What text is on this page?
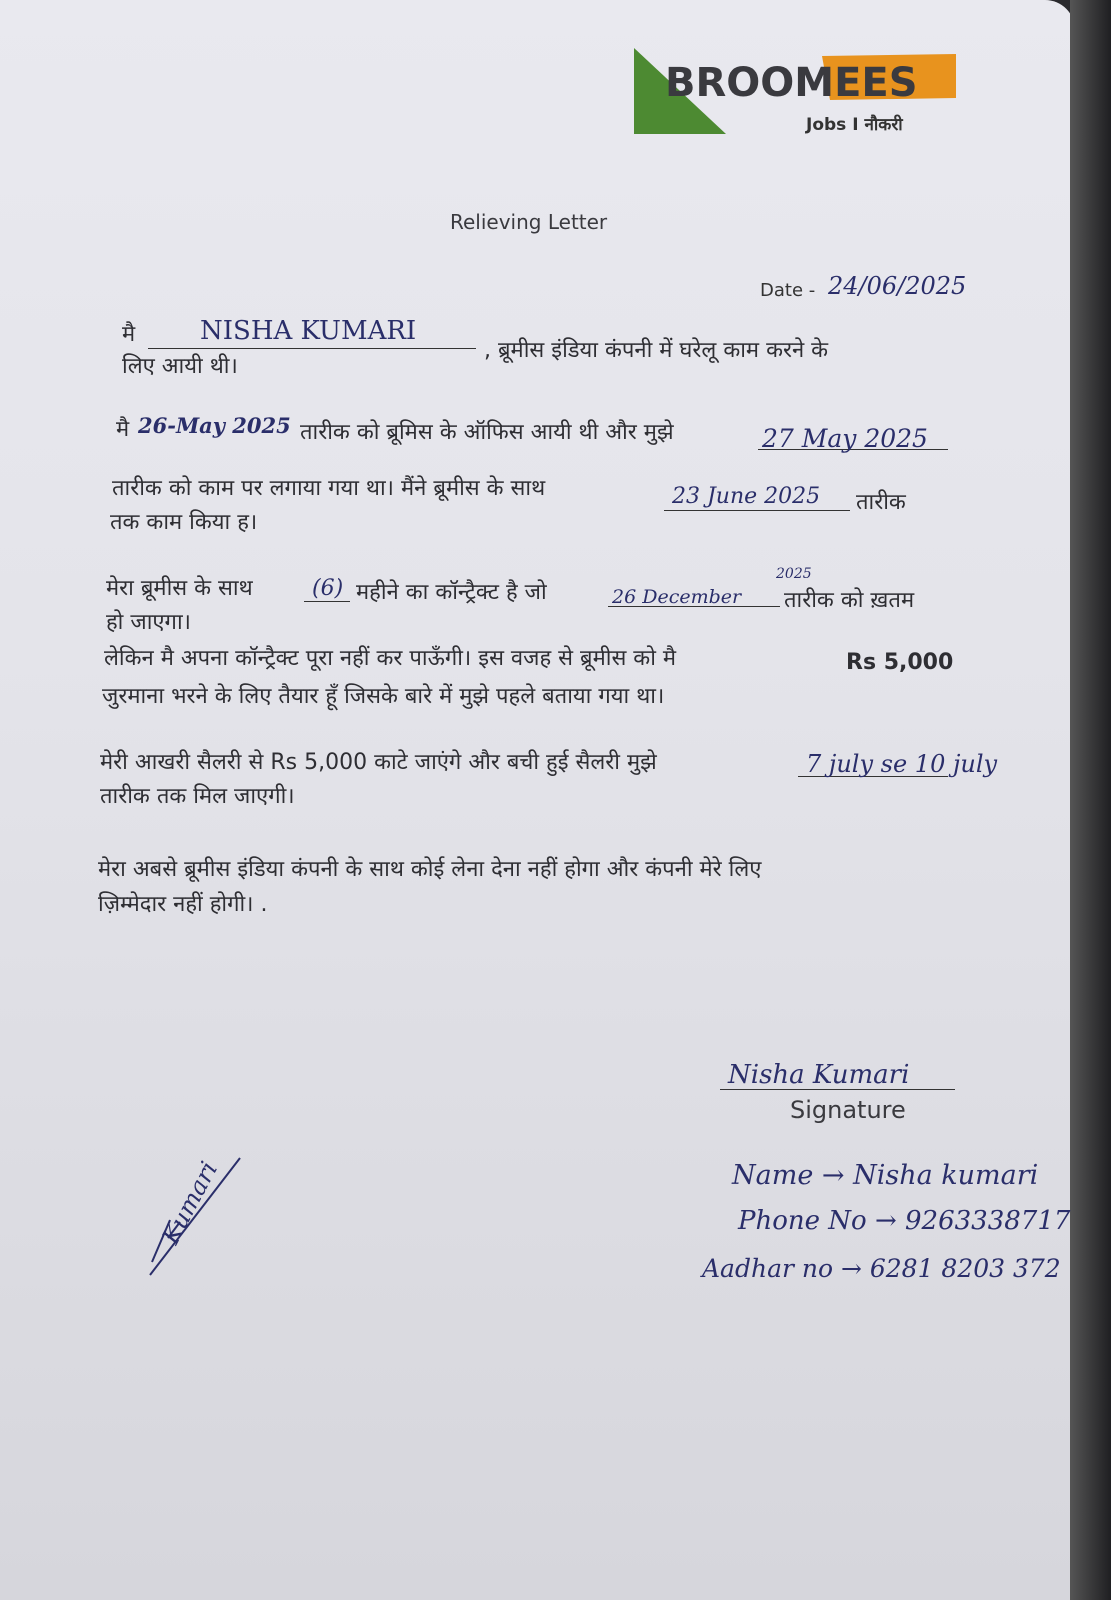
BROOMEES
Jobs I नौकरी
Relieving Letter
Date - 24/06/2025
मै NISHA KUMARI
, ब्रूमीस इंडिया कंपनी में घरेलू काम करने के
लिए आयी थी।
मै 26-May 2025 तारीक को ब्रूमिस के ऑफिस आयी थी और मुझे	27 May 2025
तारीक को काम पर लगाया गया था। मैंने ब्रूमीस के साथ	23 June 2025 तारीक
तक काम किया ह।
मेरा ब्रूमीस के साथ	(6) महीने का कॉन्ट्रैक्ट है जो	26 December
2025
तारीक को ख़तम
हो जाएगा।
लेकिन मै अपना कॉन्ट्रैक्ट पूरा नहीं कर पाऊँगी। इस वजह से ब्रूमीस को मै	Rs 5,000
जुरमाना भरने के लिए तैयार हूँ जिसके बारे में मुझे पहले बताया गया था।
मेरी आखरी सैलरी से Rs 5,000 काटे जाएंगे और बची हुई सैलरी मुझे	7 july se 10 july
तारीक तक मिल जाएगी।
मेरा अबसे ब्रूमीस इंडिया कंपनी के साथ कोई लेना देना नहीं होगा और कंपनी मेरे लिए
ज़िम्मेदार नहीं होगी। .
Nisha Kumari
Signature
Name → Nisha kumari
Phone No → 9263338717
Aadhar no → 6281 8203 372
Kumari
